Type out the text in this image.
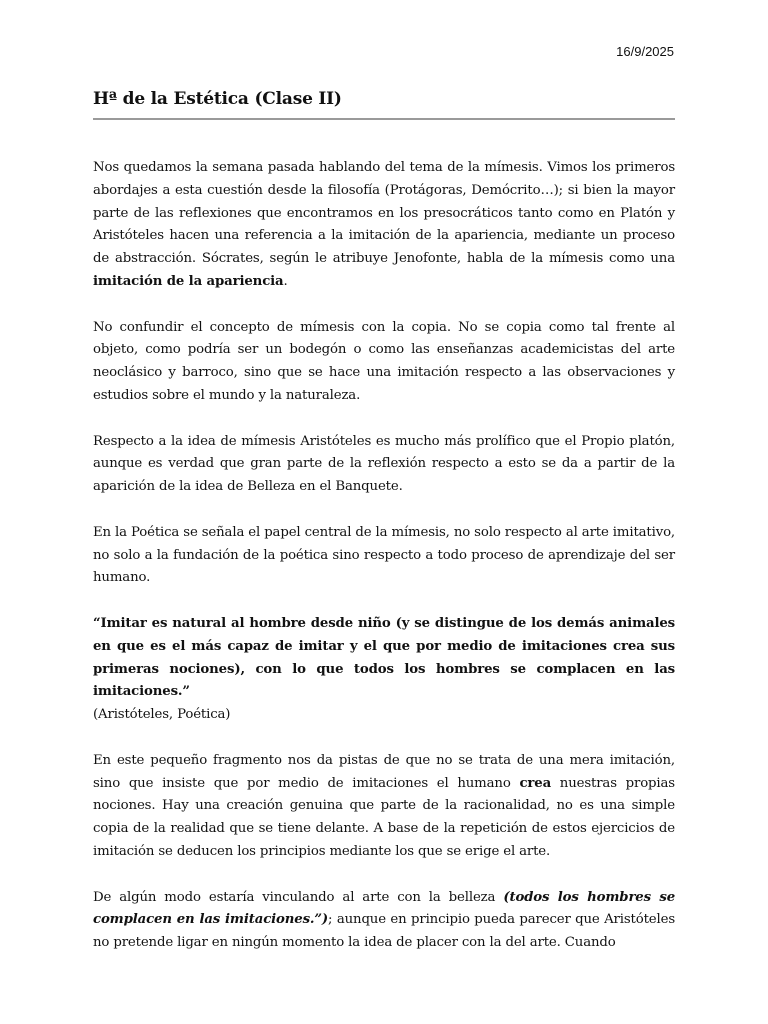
16/9/2025
Hª de la Estética (Clase II)

Nos quedamos la semana pasada hablando del tema de la mímesis. Vimos los primeros abordajes a esta cuestión desde la filosofía (Protágoras, Demócrito…); si bien la mayor parte de las reflexiones que encontramos en los presocráticos tanto como en Platón y Aristóteles hacen una referencia a la imitación de la apariencia, mediante un proceso de abstracción. Sócrates, según le atribuye Jenofonte, habla de la mímesis como una imitación de la apariencia.

No confundir el concepto de mímesis con la copia. No se copia como tal frente al objeto, como podría ser un bodegón o como las enseñanzas academicistas del arte neoclásico y barroco, sino que se hace una imitación respecto a las observaciones y estudios sobre el mundo y la naturaleza.

Respecto a la idea de mímesis Aristóteles es mucho más prolífico que el Propio platón, aunque es verdad que gran parte de la reflexión respecto a esto se da a partir de la aparición de la idea de Belleza en el Banquete.

En la Poética se señala el papel central de la mímesis, no solo respecto al arte imitativo, no solo a la fundación de la poética sino respecto a todo proceso de aprendizaje del ser humano.

“Imitar es natural al hombre desde niño (y se distingue de los demás animales en que es el más capaz de imitar y el que por medio de imitaciones crea sus primeras nociones), con lo que todos los hombres se complacen en las imitaciones.”
(Aristóteles, Poética)

En este pequeño fragmento nos da pistas de que no se trata de una mera imitación, sino que insiste que por medio de imitaciones el humano crea nuestras propias nociones. Hay una creación genuina que parte de la racionalidad, no es una simple copia de la realidad que se tiene delante. A base de la repetición de estos ejercicios de imitación se deducen los principios mediante los que se erige el arte.

De algún modo estaría vinculando al arte con la belleza (todos los hombres se complacen en las imitaciones.”); aunque en principio pueda parecer que Aristóteles no pretende ligar en ningún momento la idea de placer con la del arte. Cuando
